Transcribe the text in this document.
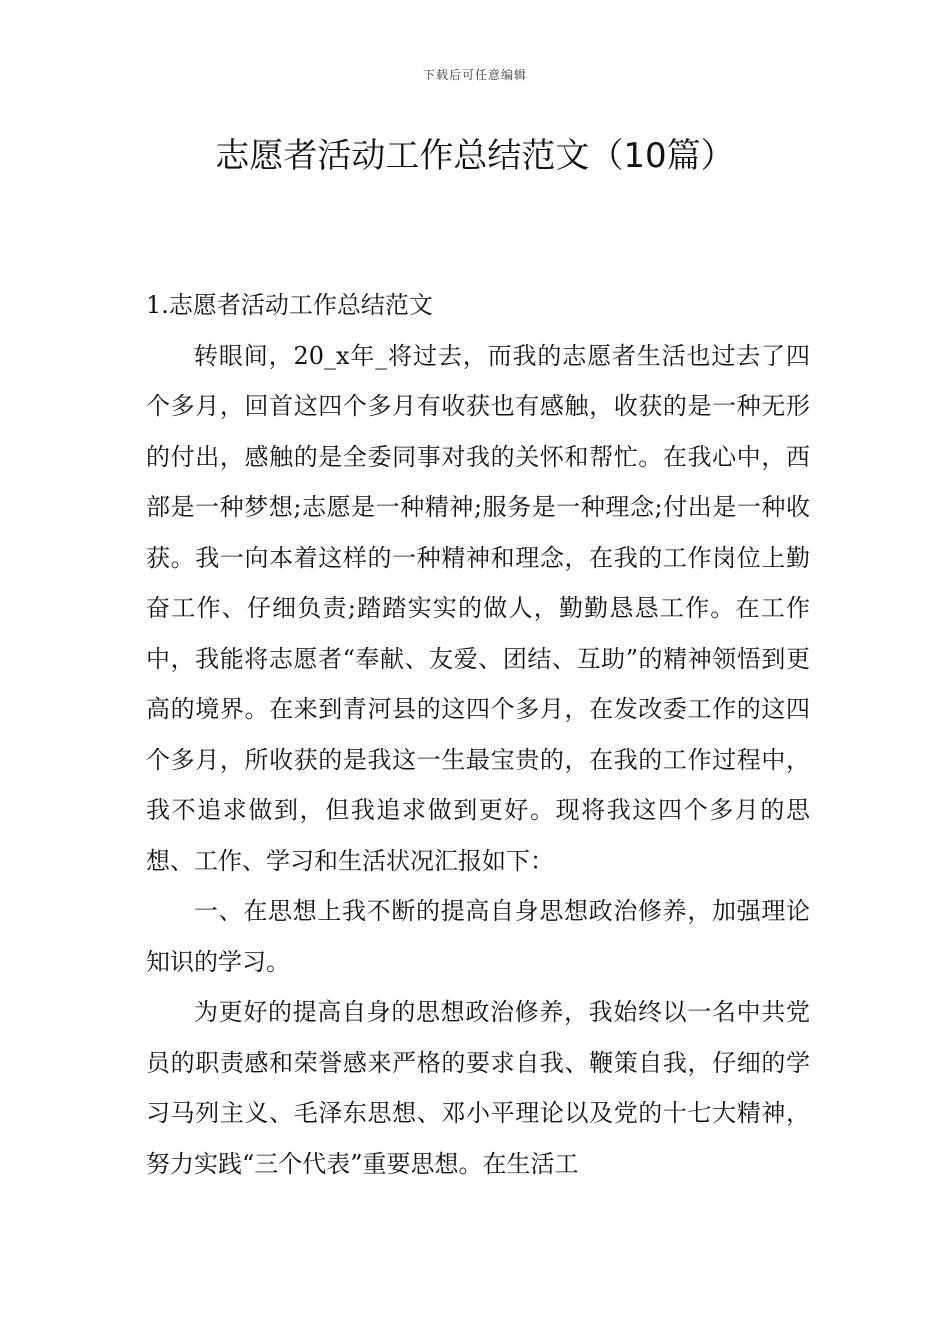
下载后可任意编辑
志愿者活动工作总结范文（10篇）

1.志愿者活动工作总结范文

转眼间，20_x年_将过去，而我的志愿者生活也过去了四个多月，回首这四个多月有收获也有感触，收获的是一种无形的付出，感触的是全委同事对我的关怀和帮忙。在我心中，西部是一种梦想;志愿是一种精神;服务是一种理念;付出是一种收获。我一向本着这样的一种精神和理念，在我的工作岗位上勤奋工作、仔细负责;踏踏实实的做人，勤勤恳恳工作。在工作中，我能将志愿者“奉献、友爱、团结、互助”的精神领悟到更高的境界。在来到青河县的这四个多月，在发改委工作的这四个多月，所收获的是我这一生最宝贵的，在我的工作过程中，我不追求做到，但我追求做到更好。现将我这四个多月的思想、工作、学习和生活状况汇报如下：

一、在思想上我不断的提高自身思想政治修养，加强理论知识的学习。

为更好的提高自身的思想政治修养，我始终以一名中共党员的职责感和荣誉感来严格的要求自我、鞭策自我，仔细的学习马列主义、毛泽东思想、邓小平理论以及党的十七大精神，努力实践“三个代表”重要思想。在生活工
